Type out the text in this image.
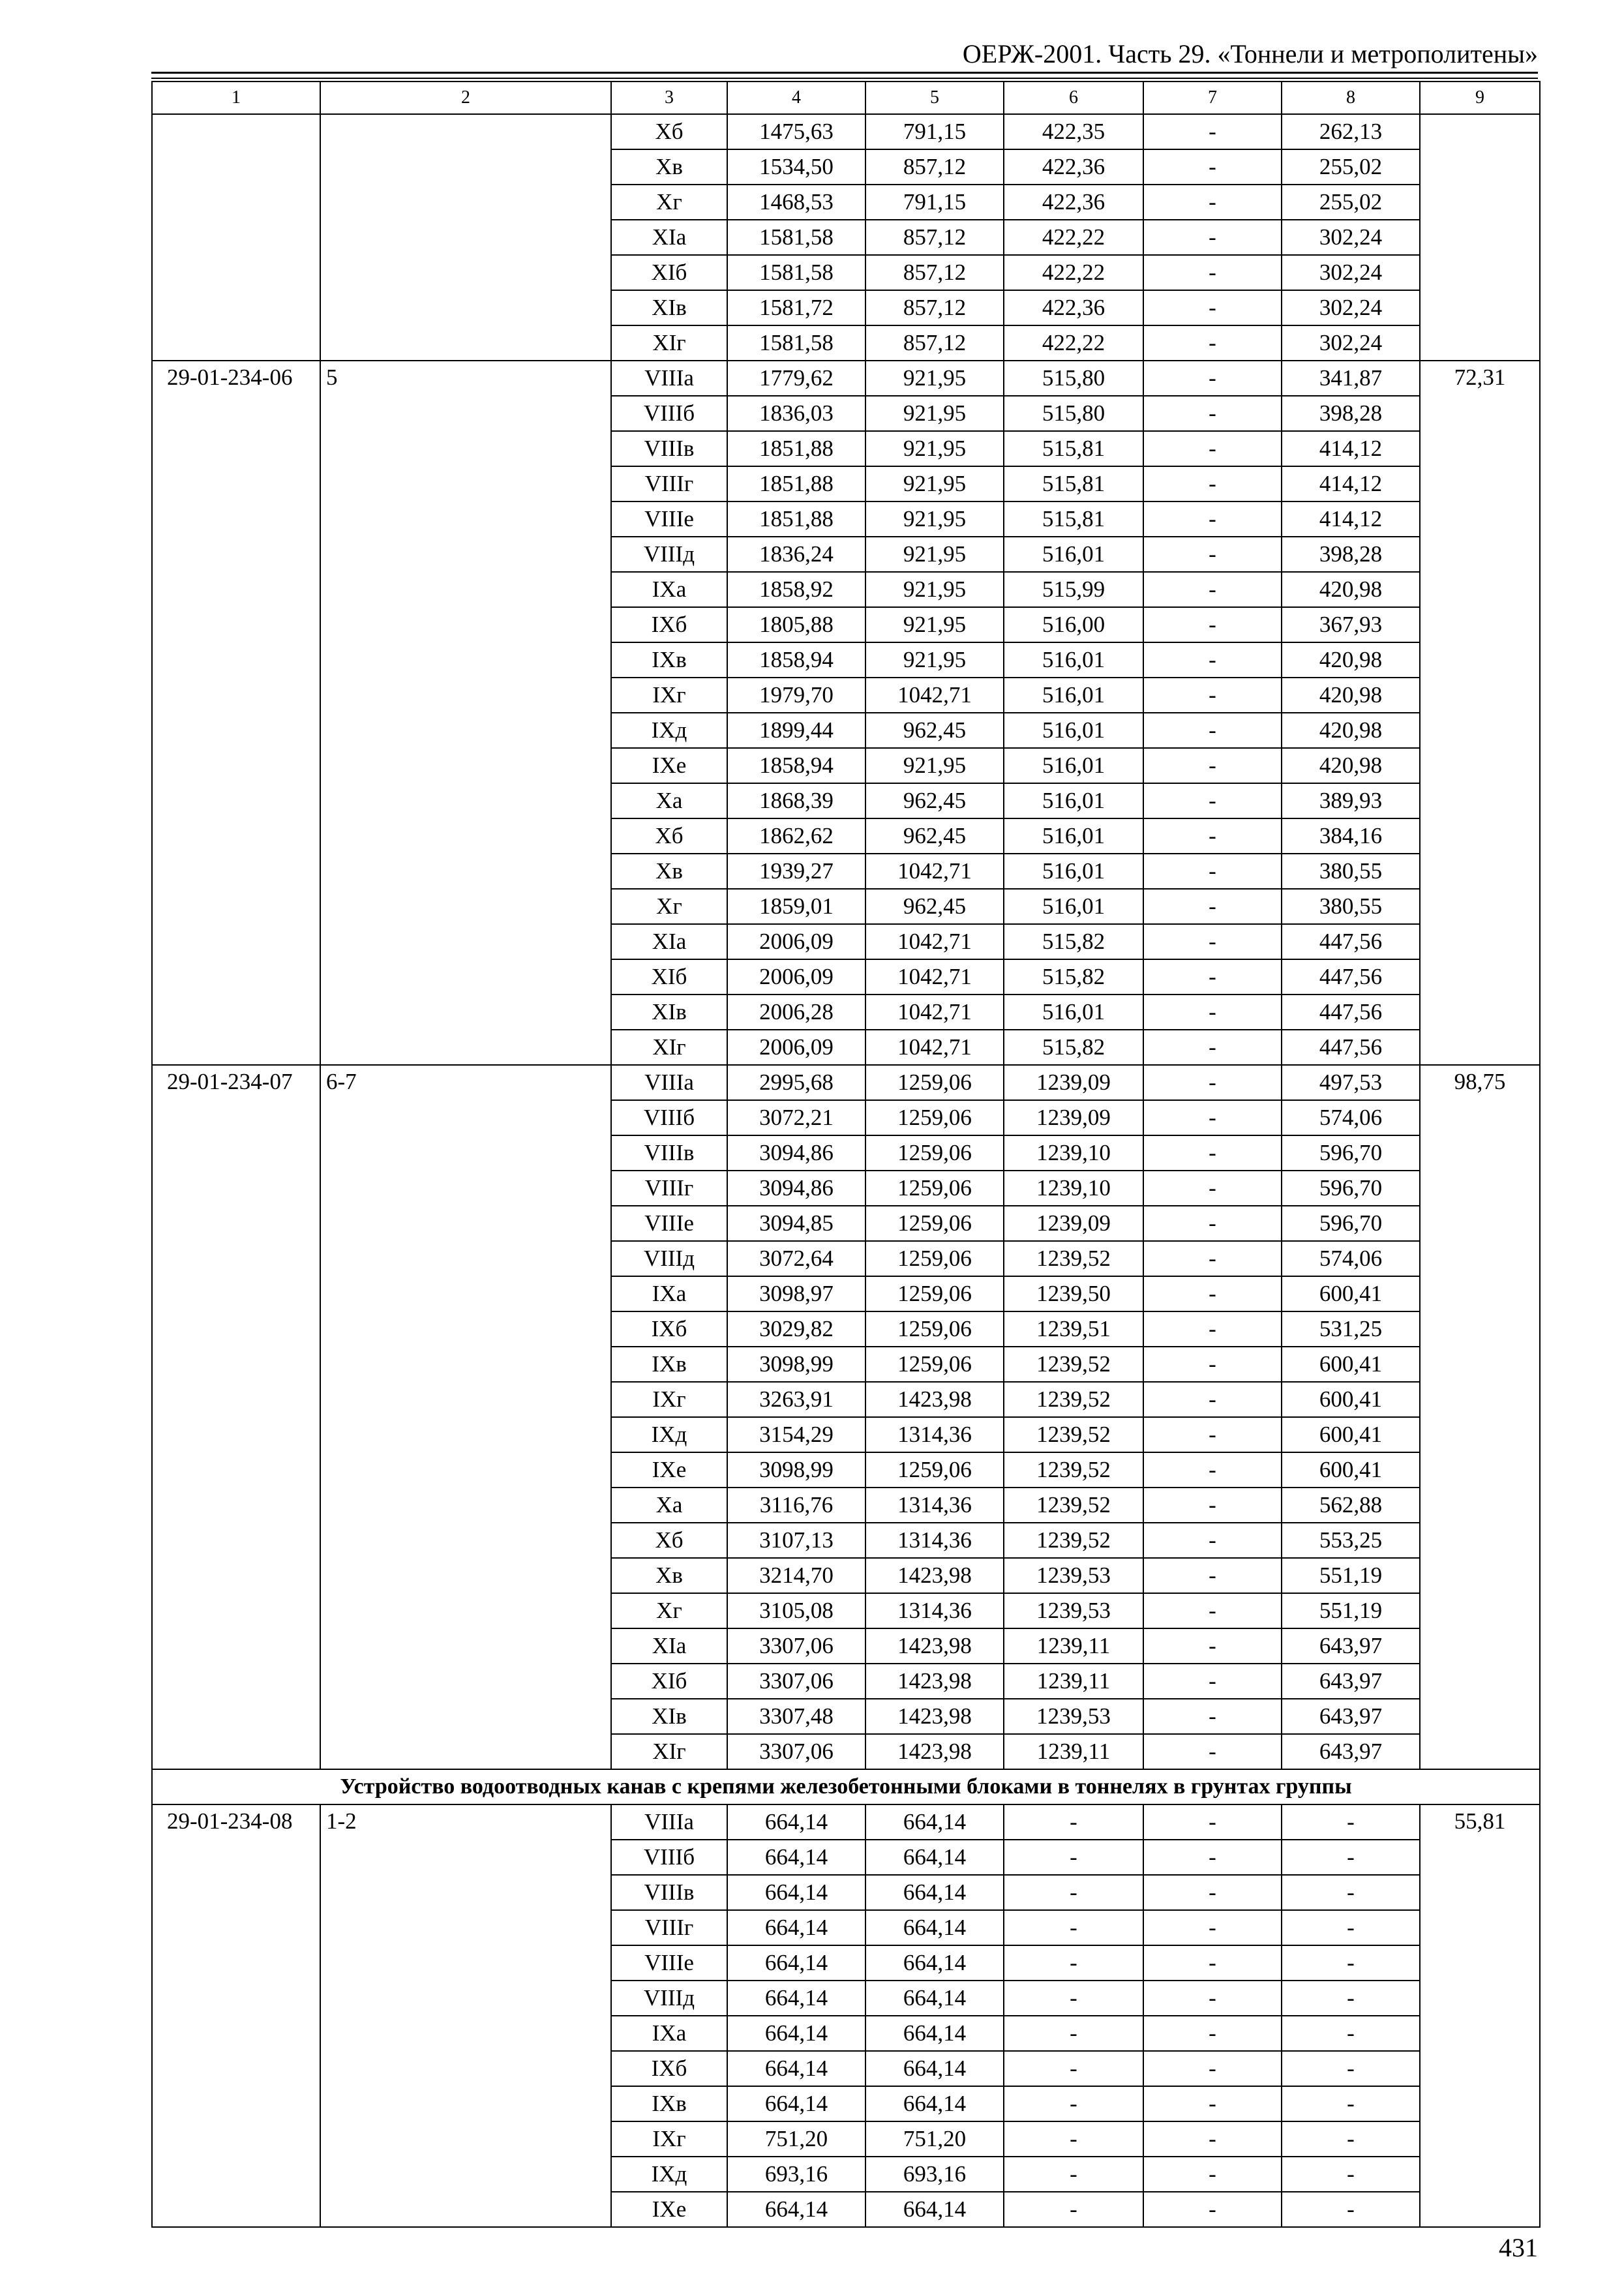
ОЕРЖ-2001. Часть 29. «Тоннели и метрополитены»
1	2	3	4	5	6	7	8	9
		Хб	1475,63	791,15	422,35	-	262,13	
		Хв	1534,50	857,12	422,36	-	255,02	
		Хг	1468,53	791,15	422,36	-	255,02	
		ХIа	1581,58	857,12	422,22	-	302,24	
		ХIб	1581,58	857,12	422,22	-	302,24	
		ХIв	1581,72	857,12	422,36	-	302,24	
		ХIг	1581,58	857,12	422,22	-	302,24	
29-01-234-06	5	VIIIа	1779,62	921,95	515,80	-	341,87	72,31
		VIIIб	1836,03	921,95	515,80	-	398,28	
		VIIIв	1851,88	921,95	515,81	-	414,12	
		VIIIг	1851,88	921,95	515,81	-	414,12	
		VIIIе	1851,88	921,95	515,81	-	414,12	
		VIIIд	1836,24	921,95	516,01	-	398,28	
		IХа	1858,92	921,95	515,99	-	420,98	
		IХб	1805,88	921,95	516,00	-	367,93	
		IХв	1858,94	921,95	516,01	-	420,98	
		IХг	1979,70	1042,71	516,01	-	420,98	
		IХд	1899,44	962,45	516,01	-	420,98	
		IХе	1858,94	921,95	516,01	-	420,98	
		Ха	1868,39	962,45	516,01	-	389,93	
		Хб	1862,62	962,45	516,01	-	384,16	
		Хв	1939,27	1042,71	516,01	-	380,55	
		Хг	1859,01	962,45	516,01	-	380,55	
		ХIа	2006,09	1042,71	515,82	-	447,56	
		ХIб	2006,09	1042,71	515,82	-	447,56	
		ХIв	2006,28	1042,71	516,01	-	447,56	
		ХIг	2006,09	1042,71	515,82	-	447,56	
29-01-234-07	6-7	VIIIа	2995,68	1259,06	1239,09	-	497,53	98,75
		VIIIб	3072,21	1259,06	1239,09	-	574,06	
		VIIIв	3094,86	1259,06	1239,10	-	596,70	
		VIIIг	3094,86	1259,06	1239,10	-	596,70	
		VIIIе	3094,85	1259,06	1239,09	-	596,70	
		VIIIд	3072,64	1259,06	1239,52	-	574,06	
		IХа	3098,97	1259,06	1239,50	-	600,41	
		IХб	3029,82	1259,06	1239,51	-	531,25	
		IХв	3098,99	1259,06	1239,52	-	600,41	
		IХг	3263,91	1423,98	1239,52	-	600,41	
		IХд	3154,29	1314,36	1239,52	-	600,41	
		IХе	3098,99	1259,06	1239,52	-	600,41	
		Ха	3116,76	1314,36	1239,52	-	562,88	
		Хб	3107,13	1314,36	1239,52	-	553,25	
		Хв	3214,70	1423,98	1239,53	-	551,19	
		Хг	3105,08	1314,36	1239,53	-	551,19	
		ХIа	3307,06	1423,98	1239,11	-	643,97	
		ХIб	3307,06	1423,98	1239,11	-	643,97	
		ХIв	3307,48	1423,98	1239,53	-	643,97	
		ХIг	3307,06	1423,98	1239,11	-	643,97	
Устройство водоотводных канав с крепями железобетонными блоками в тоннелях в грунтах группы								
29-01-234-08	1-2	VIIIа	664,14	664,14	-	-	-	55,81
		VIIIб	664,14	664,14	-	-	-	
		VIIIв	664,14	664,14	-	-	-	
		VIIIг	664,14	664,14	-	-	-	
		VIIIе	664,14	664,14	-	-	-	
		VIIIд	664,14	664,14	-	-	-	
		IХа	664,14	664,14	-	-	-	
		IХб	664,14	664,14	-	-	-	
		IХв	664,14	664,14	-	-	-	
		IХг	751,20	751,20	-	-	-	
		IХд	693,16	693,16	-	-	-	
		IХе	664,14	664,14	-	-	-	
431
